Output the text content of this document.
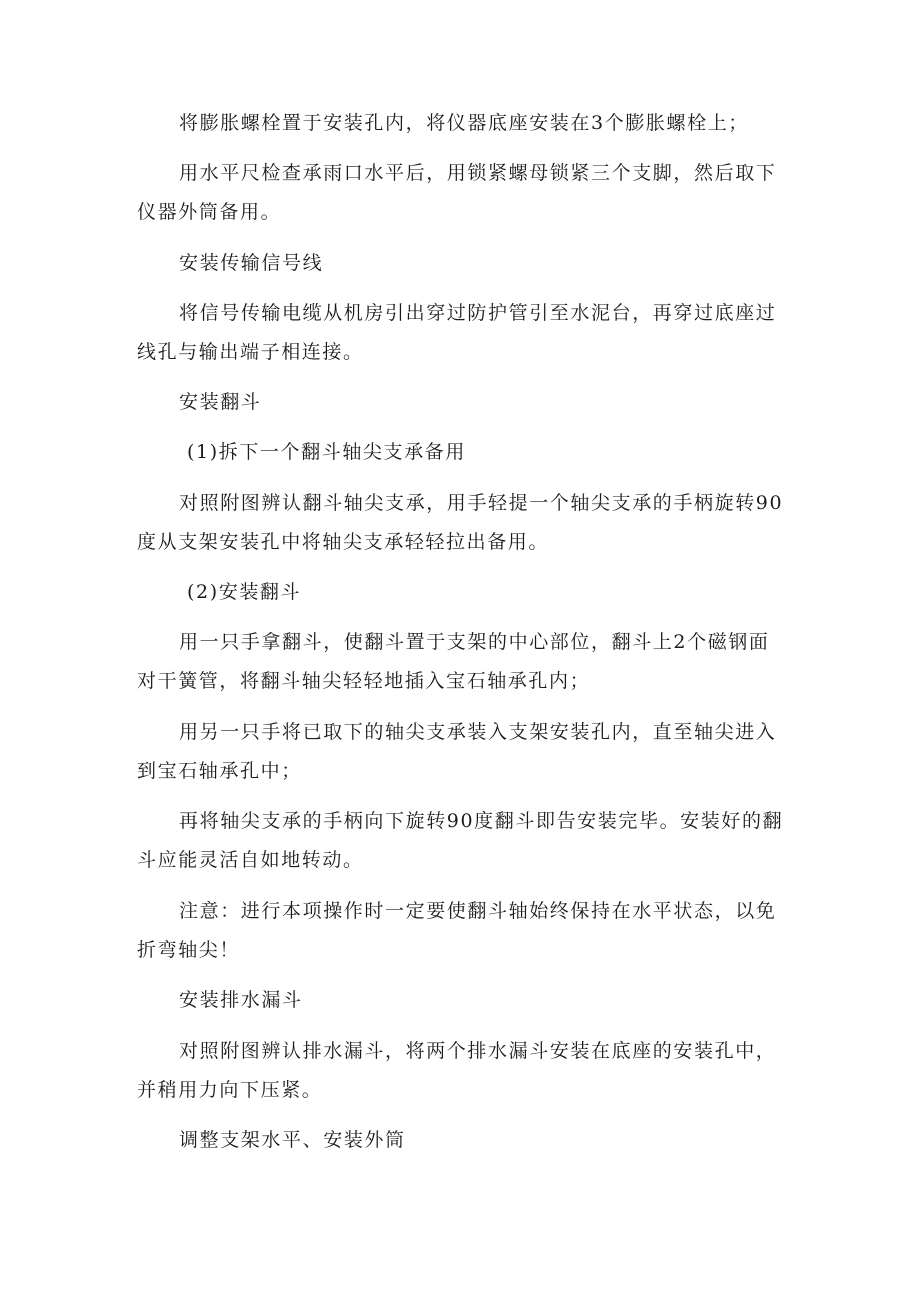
将膨胀螺栓置于安装孔内，将仪器底座安装在3个膨胀螺栓上；

用水平尺检查承雨口水平后，用锁紧螺母锁紧三个支脚，然后取下仪器外筒备用。

安装传输信号线

将信号传输电缆从机房引出穿过防护管引至水泥台，再穿过底座过线孔与输出端子相连接。

安装翻斗

(1)拆下一个翻斗轴尖支承备用

对照附图辨认翻斗轴尖支承，用手轻提一个轴尖支承的手柄旋转90度从支架安装孔中将轴尖支承轻轻拉出备用。

(2)安装翻斗

用一只手拿翻斗，使翻斗置于支架的中心部位，翻斗上2个磁钢面对干簧管，将翻斗轴尖轻轻地插入宝石轴承孔内；

用另一只手将已取下的轴尖支承装入支架安装孔内，直至轴尖进入到宝石轴承孔中；

再将轴尖支承的手柄向下旋转90度翻斗即告安装完毕。安装好的翻斗应能灵活自如地转动。

注意：进行本项操作时一定要使翻斗轴始终保持在水平状态，以免折弯轴尖！

安装排水漏斗

对照附图辨认排水漏斗，将两个排水漏斗安装在底座的安装孔中，并稍用力向下压紧。

调整支架水平、安装外筒
